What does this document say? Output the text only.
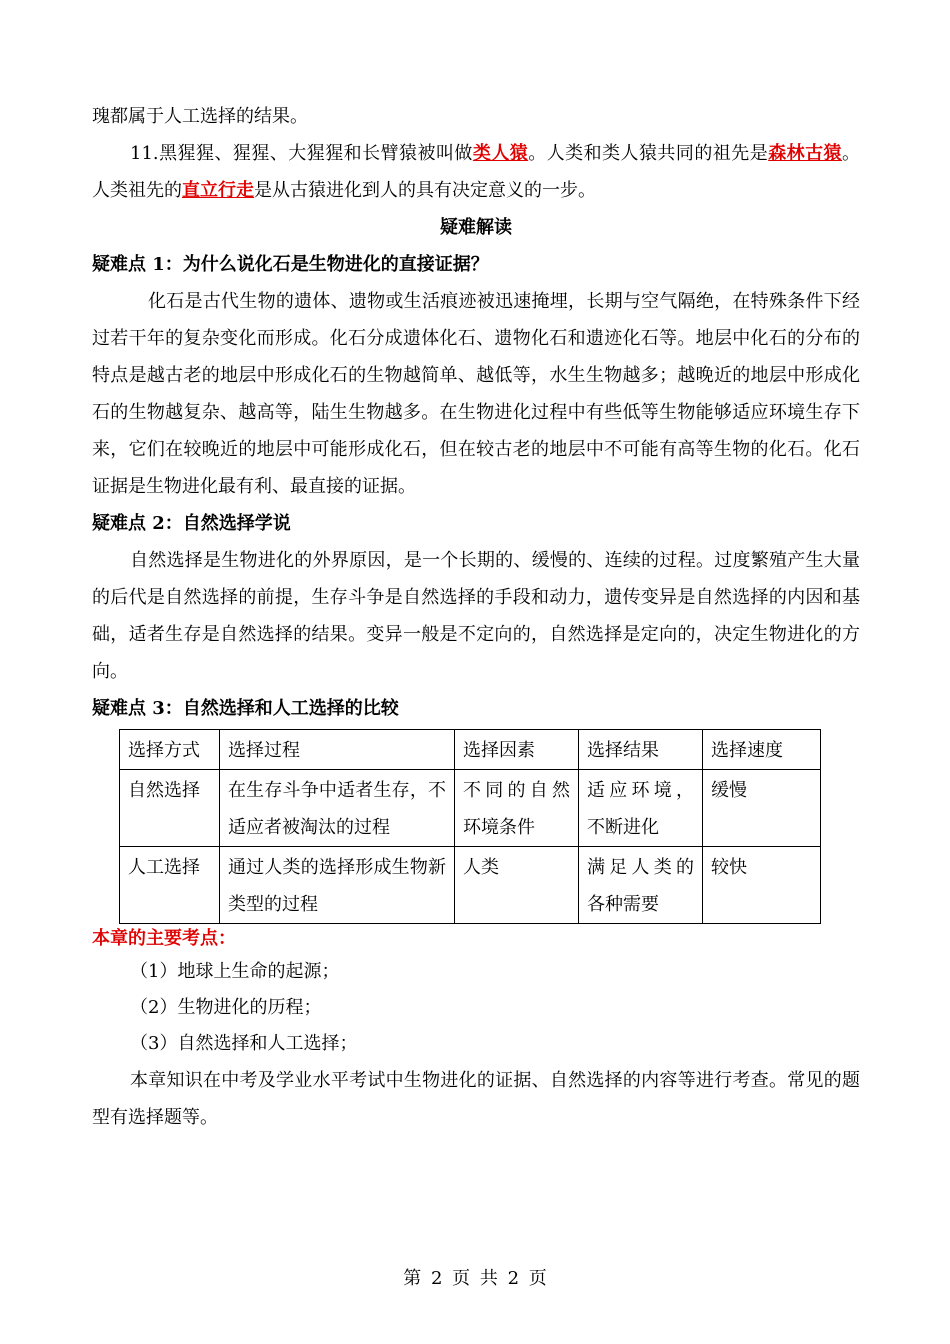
瑰都属于人工选择的结果。

11.黑猩猩、猩猩、大猩猩和长臂猿被叫做类人猿。人类和类人猿共同的祖先是森林古猿。人类祖先的直立行走是从古猿进化到人的具有决定意义的一步。

疑难解读

疑难点 1：为什么说化石是生物进化的直接证据？

化石是古代生物的遗体、遗物或生活痕迹被迅速掩埋，长期与空气隔绝，在特殊条件下经过若干年的复杂变化而形成。化石分成遗体化石、遗物化石和遗迹化石等。地层中化石的分布的特点是越古老的地层中形成化石的生物越简单、越低等，水生生物越多；越晚近的地层中形成化石的生物越复杂、越高等，陆生生物越多。在生物进化过程中有些低等生物能够适应环境生存下来，它们在较晚近的地层中可能形成化石，但在较古老的地层中不可能有高等生物的化石。化石证据是生物进化最有利、最直接的证据。

疑难点 2：自然选择学说

自然选择是生物进化的外界原因，是一个长期的、缓慢的、连续的过程。过度繁殖产生大量的后代是自然选择的前提，生存斗争是自然选择的手段和动力，遗传变异是自然选择的内因和基础，适者生存是自然选择的结果。变异一般是不定向的，自然选择是定向的，决定生物进化的方向。

疑难点 3：自然选择和人工选择的比较

选择方式	选择过程	选择因素	选择结果	选择速度
自然选择	在生存斗争中适者生存，不适应者被淘汰的过程	不同的自然环境条件	适应环境，不断进化	缓慢
人工选择	通过人类的选择形成生物新类型的过程	人类	满足人类的各种需要	较快

本章的主要考点：

（1）地球上生命的起源；

（2）生物进化的历程；

（3）自然选择和人工选择；

本章知识在中考及学业水平考试中生物进化的证据、自然选择的内容等进行考查。常见的题型有选择题等。

第 2 页 共 2 页
